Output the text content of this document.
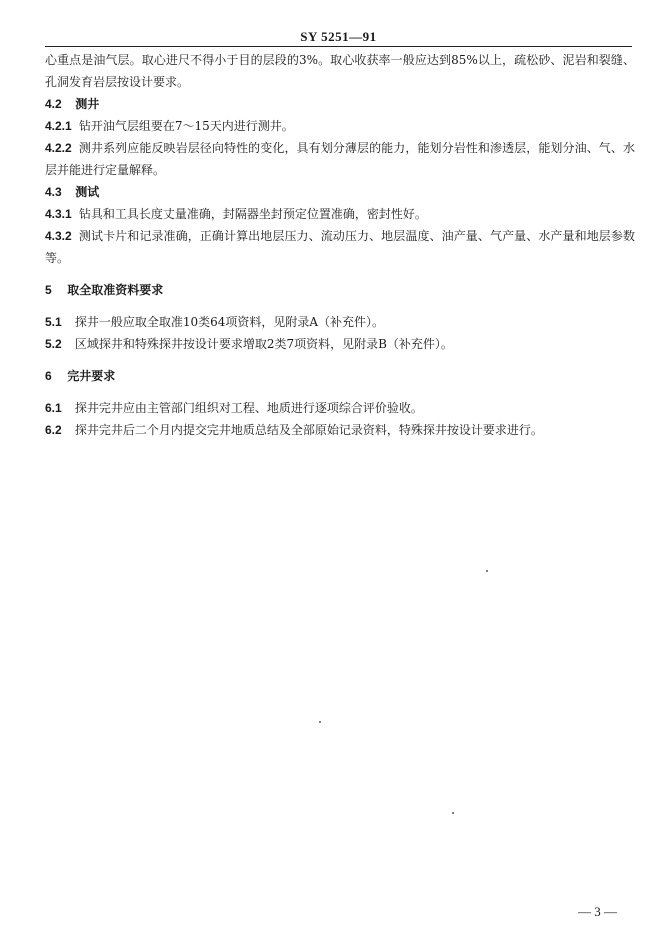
SY 5251—91

心重点是油气层。取心进尺不得小于目的层段的3%。取心收获率一般应达到85%以上，疏松砂、泥岩和裂缝、孔洞发育岩层按设计要求。

4.2 测井

4.2.1 钻开油气层组要在7～15天内进行测井。

4.2.2 测井系列应能反映岩层径向特性的变化，具有划分薄层的能力，能划分岩性和渗透层，能划分油、气、水层并能进行定量解释。

4.3 测试

4.3.1 钻具和工具长度丈量准确，封隔器坐封预定位置准确，密封性好。

4.3.2 测试卡片和记录准确，正确计算出地层压力、流动压力、地层温度、油产量、气产量、水产量和地层参数等。

5 取全取准资料要求

5.1 探井一般应取全取准10类64项资料，见附录A（补充件）。

5.2 区域探井和特殊探井按设计要求增取2类7项资料，见附录B（补充件）。

6 完井要求

6.1 探井完井应由主管部门组织对工程、地质进行逐项综合评价验收。

6.2 探井完井后二个月内提交完井地质总结及全部原始记录资料，特殊探井按设计要求进行。

— 3 —
